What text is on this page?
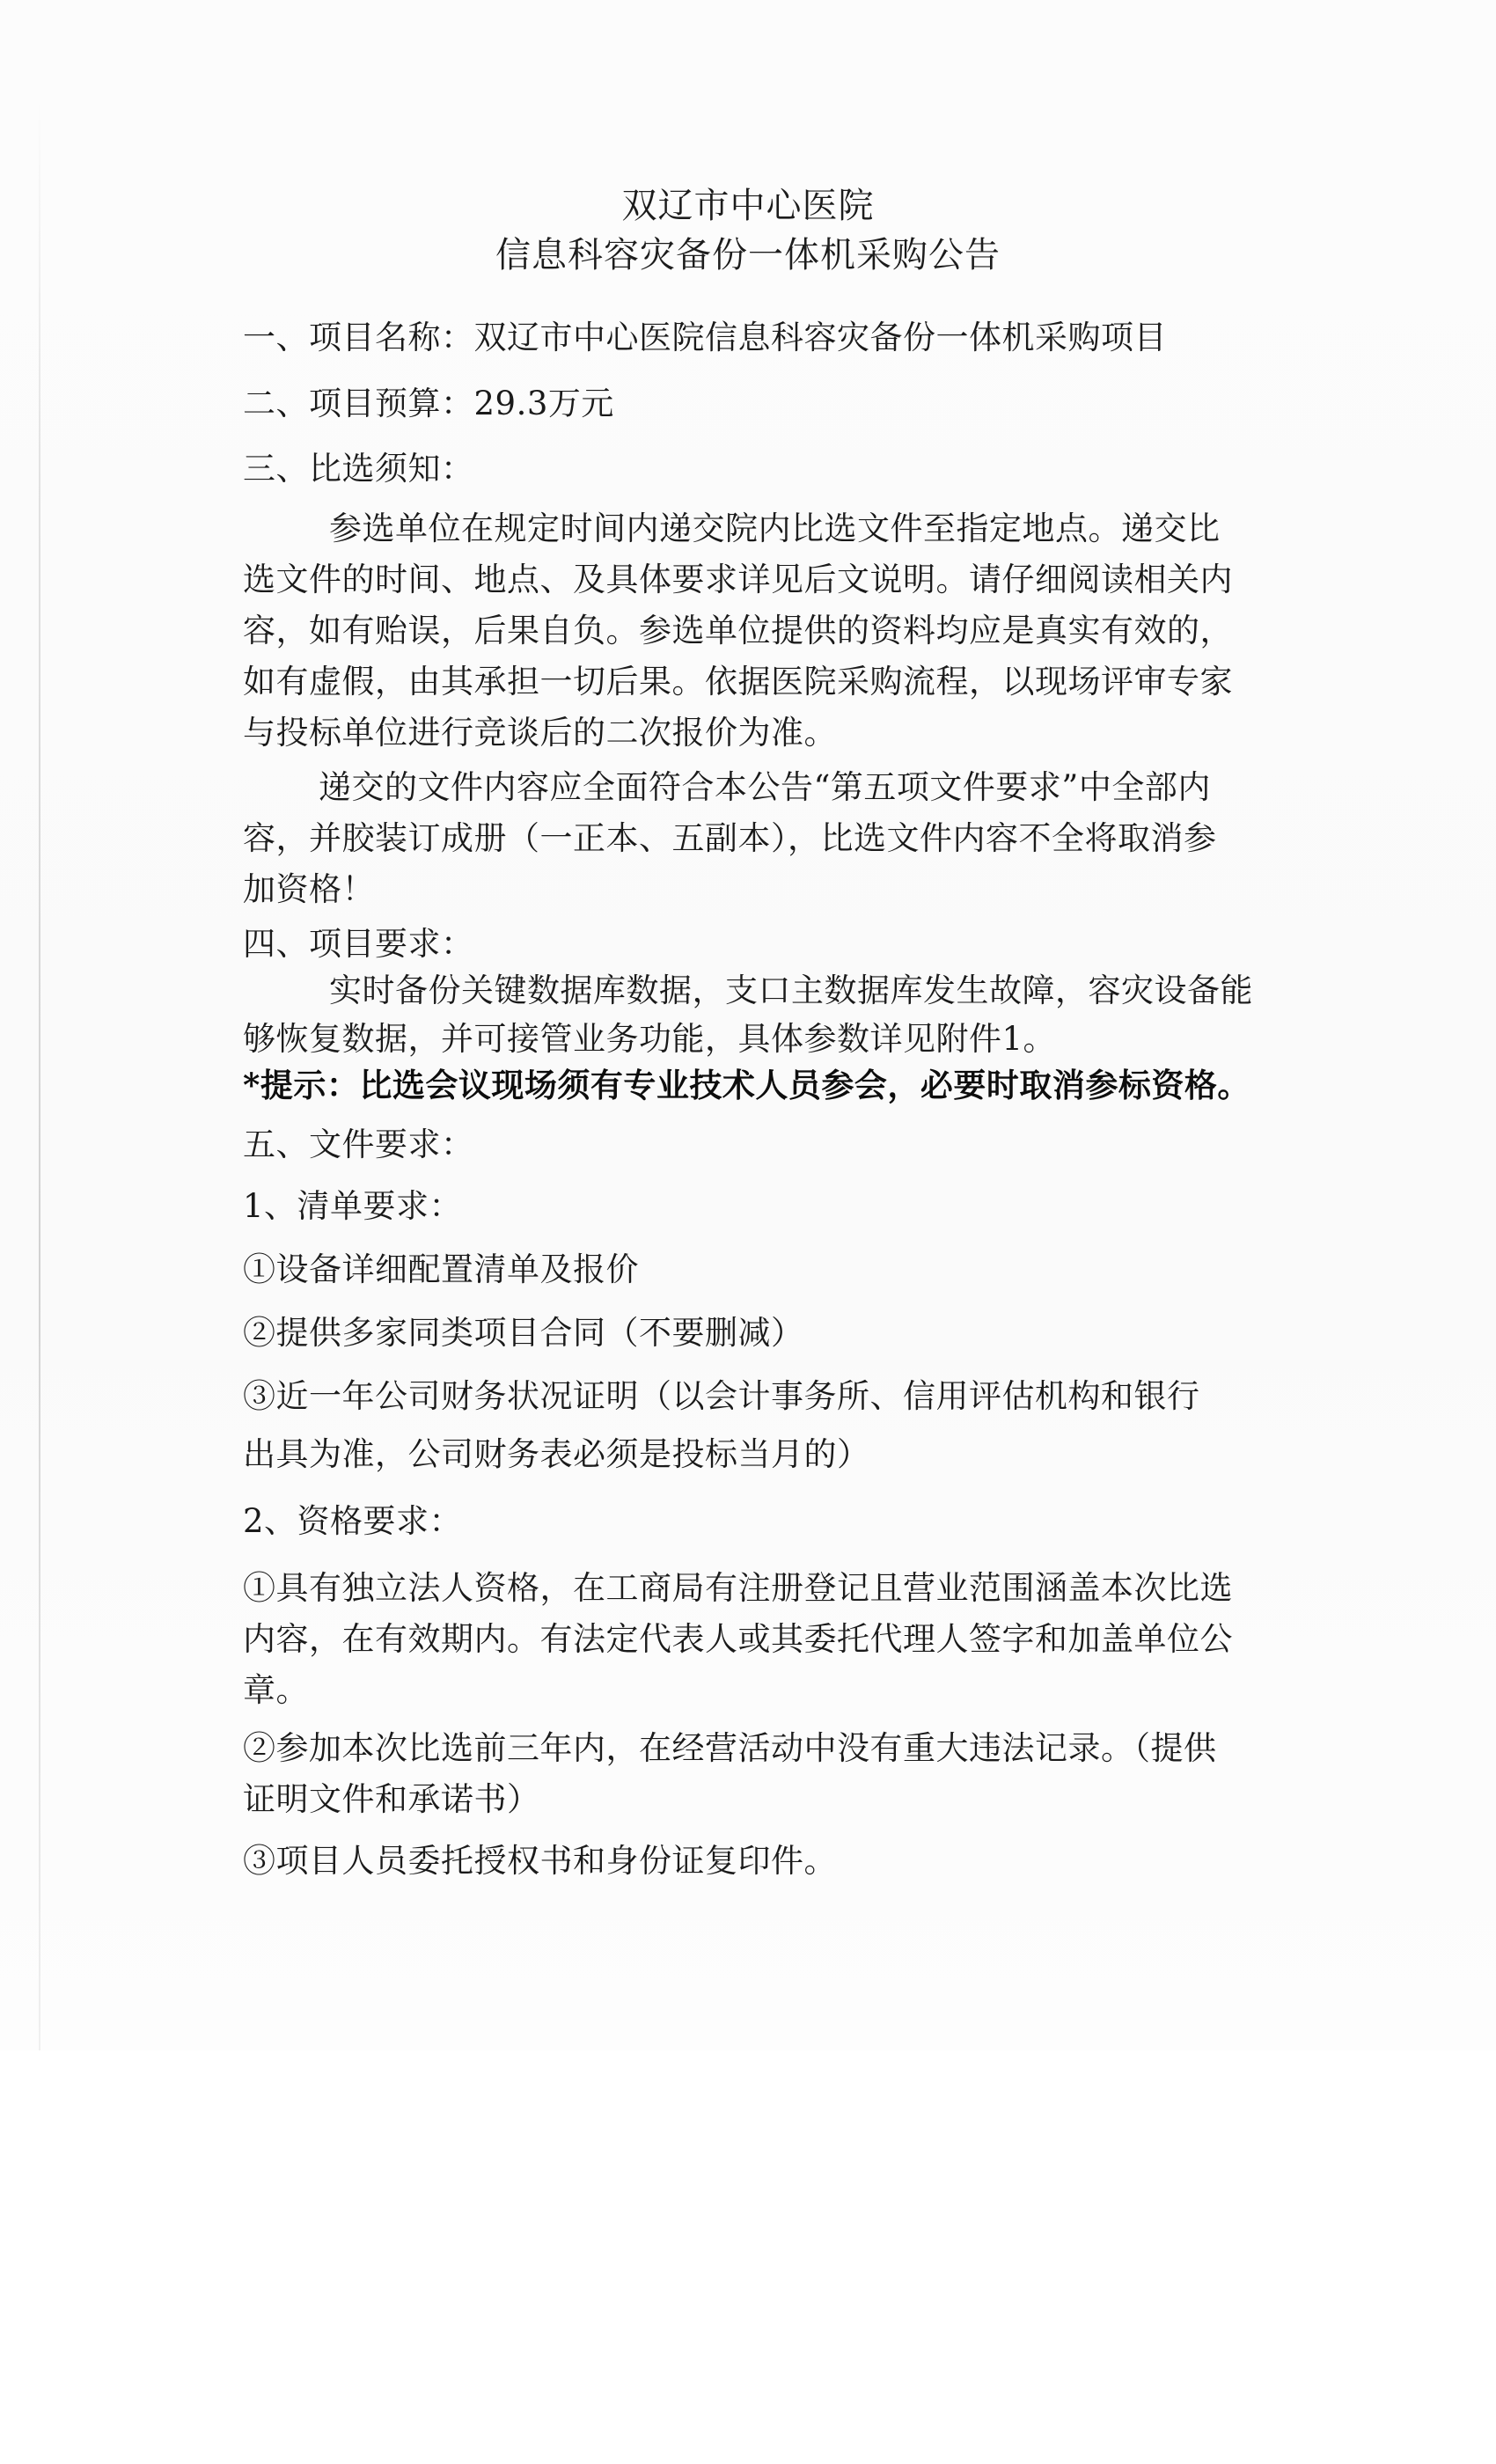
双辽市中心医院
信息科容灾备份一体机采购公告
一、项目名称：双辽市中心医院信息科容灾备份一体机采购项目
二、项目预算：29.3万元
三、比选须知：
参选单位在规定时间内递交院内比选文件至指定地点。递交比
选文件的时间、地点、及具体要求详见后文说明。请仔细阅读相关内
容，如有贻误，后果自负。参选单位提供的资料均应是真实有效的，
如有虚假，由其承担一切后果。依据医院采购流程，以现场评审专家
与投标单位进行竞谈后的二次报价为准。
递交的文件内容应全面符合本公告“第五项文件要求”中全部内
容，并胶装订成册（一正本、五副本），比选文件内容不全将取消参
加资格！
四、项目要求：
实时备份关键数据库数据，支口主数据库发生故障，容灾设备能
够恢复数据，并可接管业务功能，具体参数详见附件1。
*提示：比选会议现场须有专业技术人员参会，必要时取消参标资格。
五、文件要求：
1、清单要求：
①设备详细配置清单及报价
②提供多家同类项目合同（不要删减）
③近一年公司财务状况证明（以会计事务所、信用评估机构和银行
出具为准，公司财务表必须是投标当月的）
2、资格要求：
①具有独立法人资格，在工商局有注册登记且营业范围涵盖本次比选
内容，在有效期内。有法定代表人或其委托代理人签字和加盖单位公
章。
②参加本次比选前三年内，在经营活动中没有重大违法记录。（提供
证明文件和承诺书）
③项目人员委托授权书和身份证复印件。
